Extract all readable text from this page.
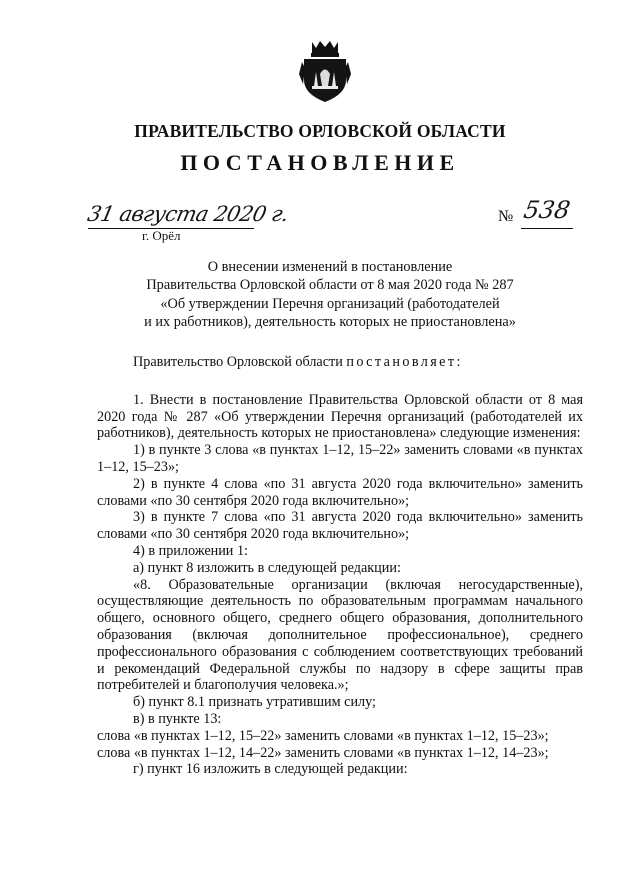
ПРАВИТЕЛЬСТВО ОРЛОВСКОЙ ОБЛАСТИ
ПОСТАНОВЛЕНИЕ
31 августа 2020 г.
г. Орёл
№ 538
О внесении изменений в постановление
Правительства Орловской области от 8 мая 2020 года № 287
«Об утверждении Перечня организаций (работодателей
и их работников), деятельность которых не приостановлена»

Правительство Орловской области постановляет:

1. Внести в постановление Правительства Орловской области от 8 мая 2020 года № 287 «Об утверждении Перечня организаций (работодателей их работников), деятельность которых не приостановлена» следующие изменения:

1) в пункте 3 слова «в пунктах 1–12, 15–22» заменить словами «в пунктах 1–12, 15–23»;

2) в пункте 4 слова «по 31 августа 2020 года включительно» заменить словами «по 30 сентября 2020 года включительно»;

3) в пункте 7 слова «по 31 августа 2020 года включительно» заменить словами «по 30 сентября 2020 года включительно»;

4) в приложении 1:

а) пункт 8 изложить в следующей редакции:

«8. Образовательные организации (включая негосударственные), осуществляющие деятельность по образовательным программам начального общего, основного общего, среднего общего образования, дополнительного образования (включая дополнительное профессиональное), среднего профессионального образования с соблюдением соответствующих требований и рекомендаций Федеральной службы по надзору в сфере защиты прав потребителей и благополучия человека.»;

б) пункт 8.1 признать утратившим силу;

в) в пункте 13:

слова «в пунктах 1–12, 15–22» заменить словами «в пунктах 1–12, 15–23»;

слова «в пунктах 1–12, 14–22» заменить словами «в пунктах 1–12, 14–23»;

г) пункт 16 изложить в следующей редакции:
